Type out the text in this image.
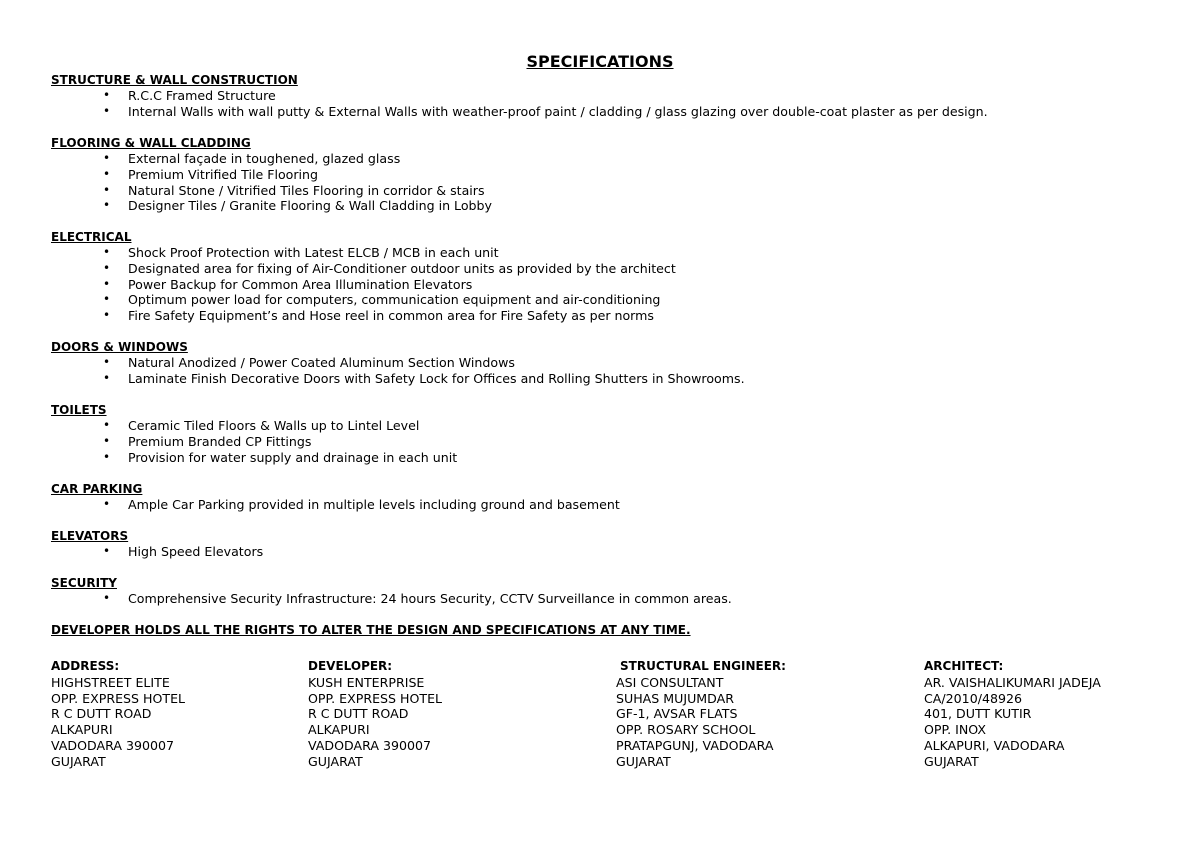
SPECIFICATIONS
STRUCTURE & WALL CONSTRUCTION
• R.C.C Framed Structure
• Internal Walls with wall putty & External Walls with weather-proof paint / cladding / glass glazing over double-coat plaster as per design.
FLOORING & WALL CLADDING
• External façade in toughened, glazed glass
• Premium Vitrified Tile Flooring
• Natural Stone / Vitrified Tiles Flooring in corridor & stairs
• Designer Tiles / Granite Flooring & Wall Cladding in Lobby
ELECTRICAL
• Shock Proof Protection with Latest ELCB / MCB in each unit
• Designated area for fixing of Air-Conditioner outdoor units as provided by the architect
• Power Backup for Common Area Illumination Elevators
• Optimum power load for computers, communication equipment and air-conditioning
• Fire Safety Equipment’s and Hose reel in common area for Fire Safety as per norms
DOORS & WINDOWS
• Natural Anodized / Power Coated Aluminum Section Windows
• Laminate Finish Decorative Doors with Safety Lock for Offices and Rolling Shutters in Showrooms.
TOILETS
• Ceramic Tiled Floors & Walls up to Lintel Level
• Premium Branded CP Fittings
• Provision for water supply and drainage in each unit
CAR PARKING
• Ample Car Parking provided in multiple levels including ground and basement
ELEVATORS
• High Speed Elevators
SECURITY
• Comprehensive Security Infrastructure: 24 hours Security, CCTV Surveillance in common areas.
DEVELOPER HOLDS ALL THE RIGHTS TO ALTER THE DESIGN AND SPECIFICATIONS AT ANY TIME.
ADDRESS:
HIGHSTREET ELITE
OPP. EXPRESS HOTEL
R C DUTT ROAD
ALKAPURI
VADODARA 390007
GUJARAT
DEVELOPER:
KUSH ENTERPRISE
OPP. EXPRESS HOTEL
R C DUTT ROAD
ALKAPURI
VADODARA 390007
GUJARAT
STRUCTURAL ENGINEER:
ASI CONSULTANT
SUHAS MUJUMDAR
GF-1, AVSAR FLATS
OPP. ROSARY SCHOOL
PRATAPGUNJ, VADODARA
GUJARAT
ARCHITECT:
AR. VAISHALIKUMARI JADEJA
CA/2010/48926
401, DUTT KUTIR
OPP. INOX
ALKAPURI, VADODARA
GUJARAT
